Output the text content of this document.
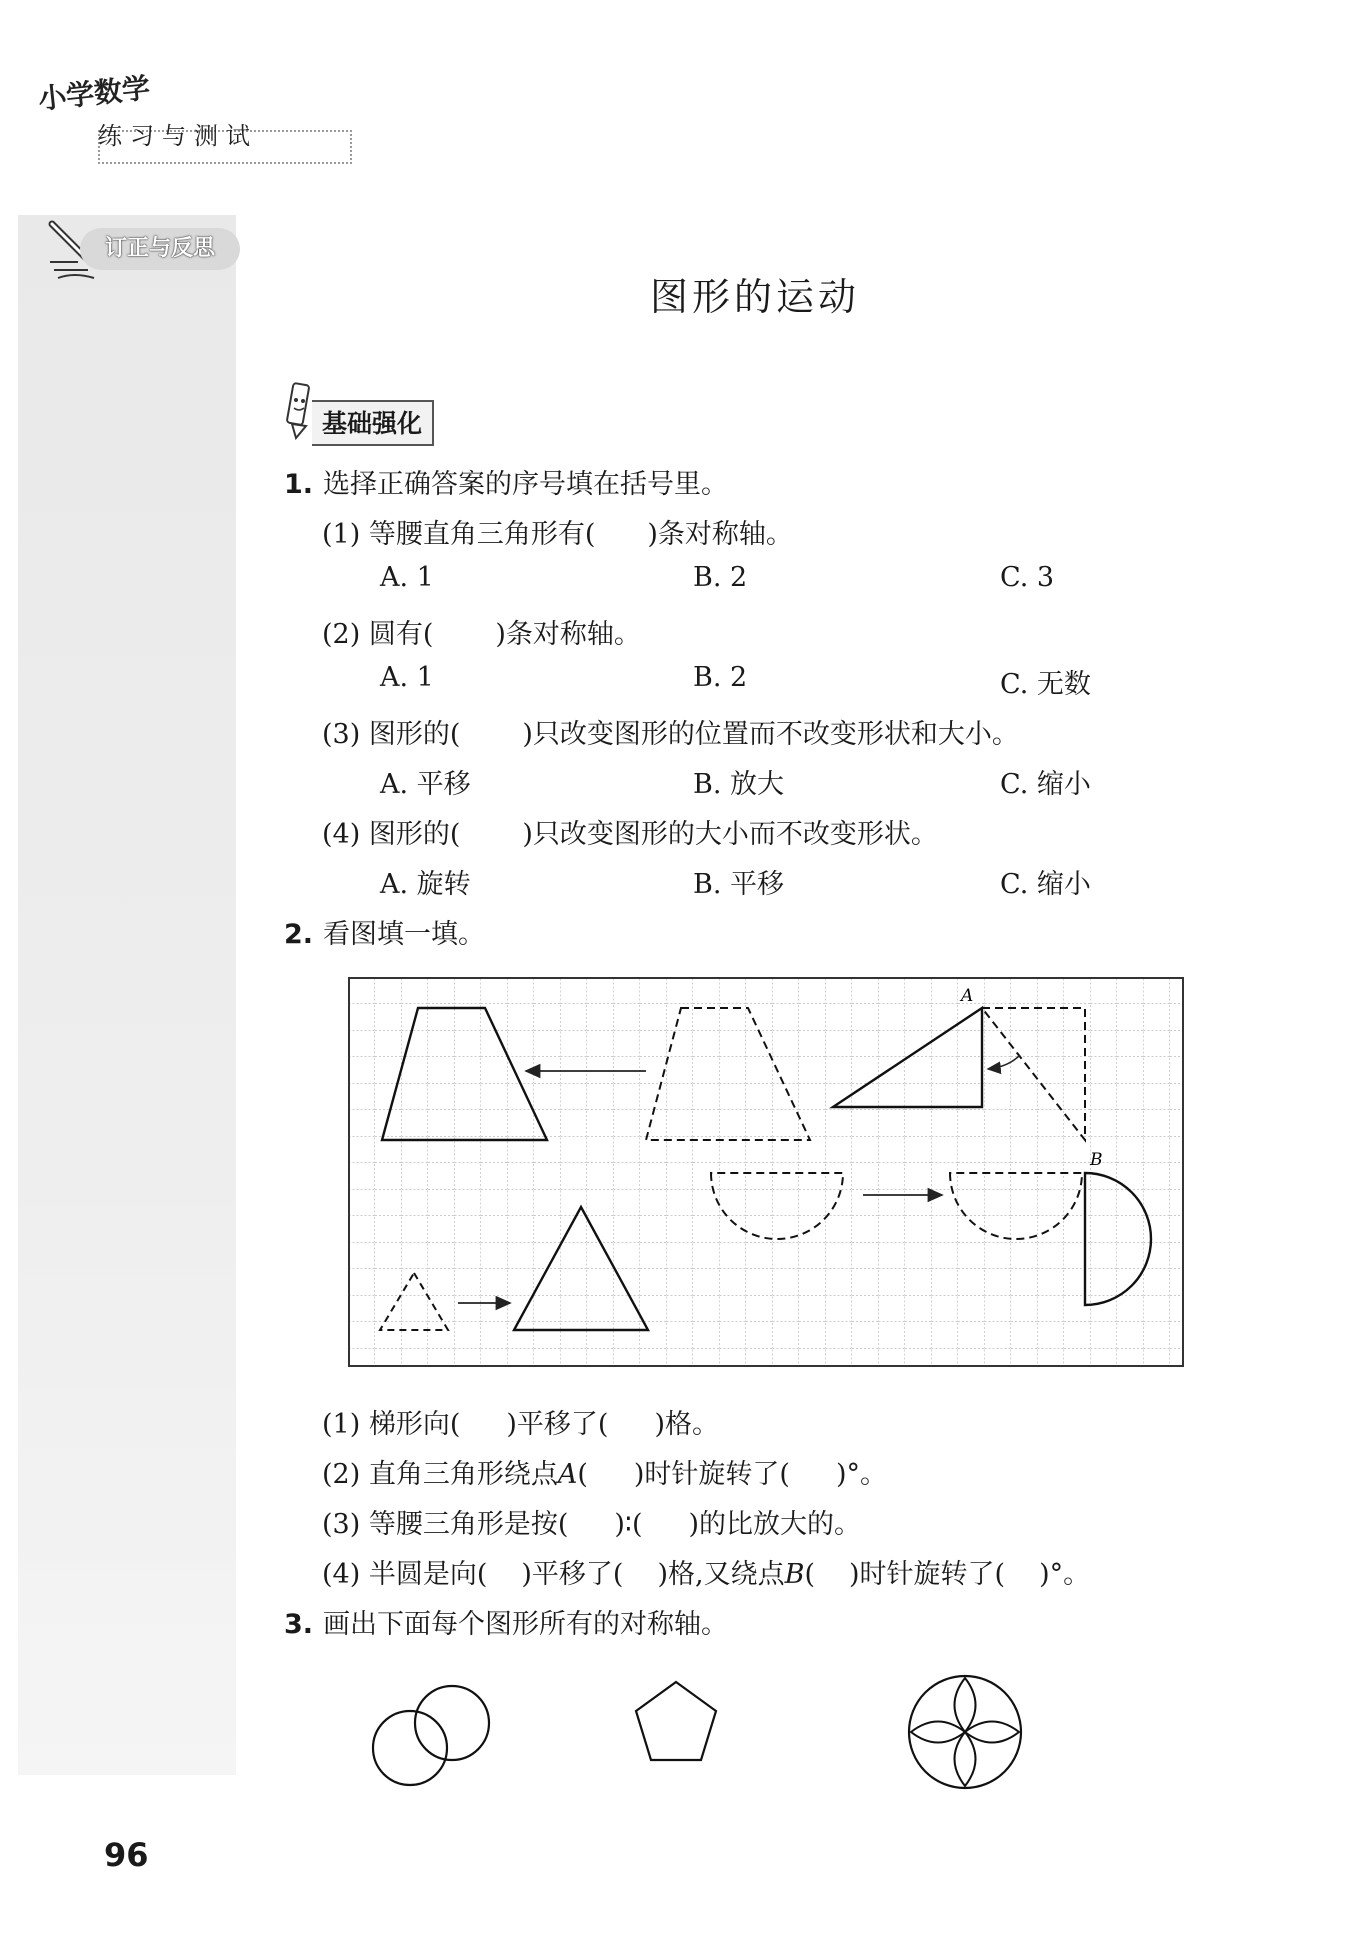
小学数学
练习与测试
订正与反思
图形的运动
基础强化
1. 选择正确答案的序号填在括号里。
(1) 等腰直角三角形有( )条对称轴。
A. 1	B. 2	C. 3
(2) 圆有( )条对称轴。
A. 1	B. 2	C. 无数
(3) 图形的( )只改变图形的位置而不改变形状和大小。
A. 平移	B. 放大	C. 缩小
(4) 图形的( )只改变图形的大小而不改变形状。
A. 旋转	B. 平移	C. 缩小
2. 看图填一填。
A
B
(1) 梯形向( )平移了( )格。
(2) 直角三角形绕点A( )时针旋转了( )°。
(3) 等腰三角形是按( )∶( )的比放大的。
(4) 半圆是向( )平移了( )格,又绕点B( )时针旋转了( )°。
3. 画出下面每个图形所有的对称轴。
96
